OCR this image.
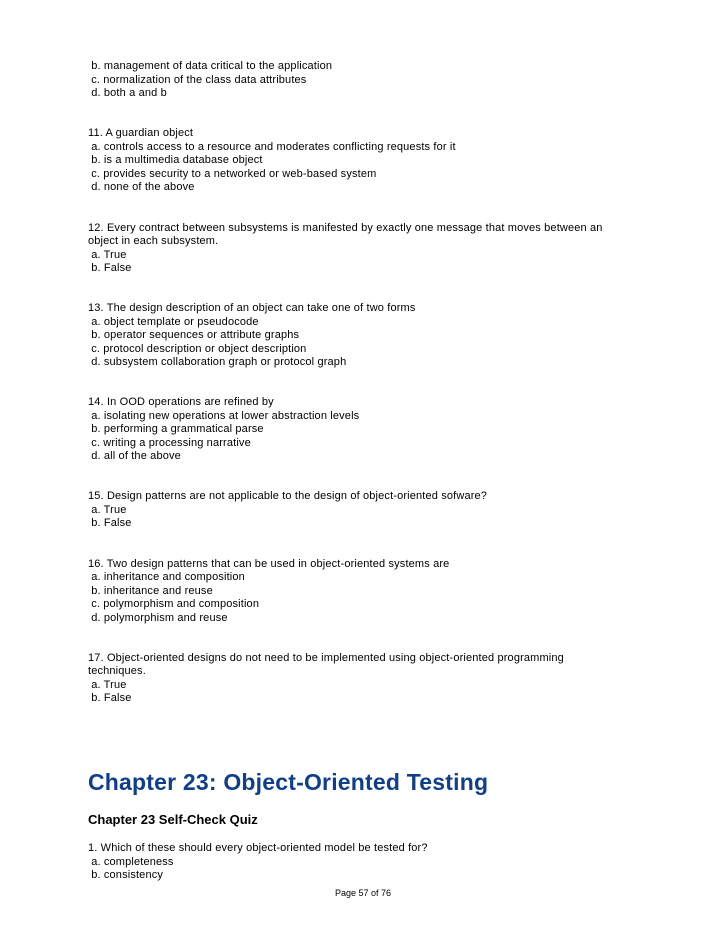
b. management of data critical to the application
c. normalization of the class data attributes
d. both a and b
11. A guardian object
a. controls access to a resource and moderates conflicting requests for it
b. is a multimedia database object
c. provides security to a networked or web-based system
d. none of the above
12. Every contract between subsystems is manifested by exactly one message that moves between an
object in each subsystem.
a. True
b. False
13. The design description of an object can take one of two forms
a. object template or pseudocode
b. operator sequences or attribute graphs
c. protocol description or object description
d. subsystem collaboration graph or protocol graph
14. In OOD operations are refined by
a. isolating new operations at lower abstraction levels
b. performing a grammatical parse
c. writing a processing narrative
d. all of the above
15. Design patterns are not applicable to the design of object-oriented sofware?
a. True
b. False
16. Two design patterns that can be used in object-oriented systems are
a. inheritance and composition
b. inheritance and reuse
c. polymorphism and composition
d. polymorphism and reuse
17. Object-oriented designs do not need to be implemented using object-oriented programming
techniques.
a. True
b. False
Chapter 23: Object-Oriented Testing
Chapter 23 Self-Check Quiz
1. Which of these should every object-oriented model be tested for?
a. completeness
b. consistency
Page 57 of 76
